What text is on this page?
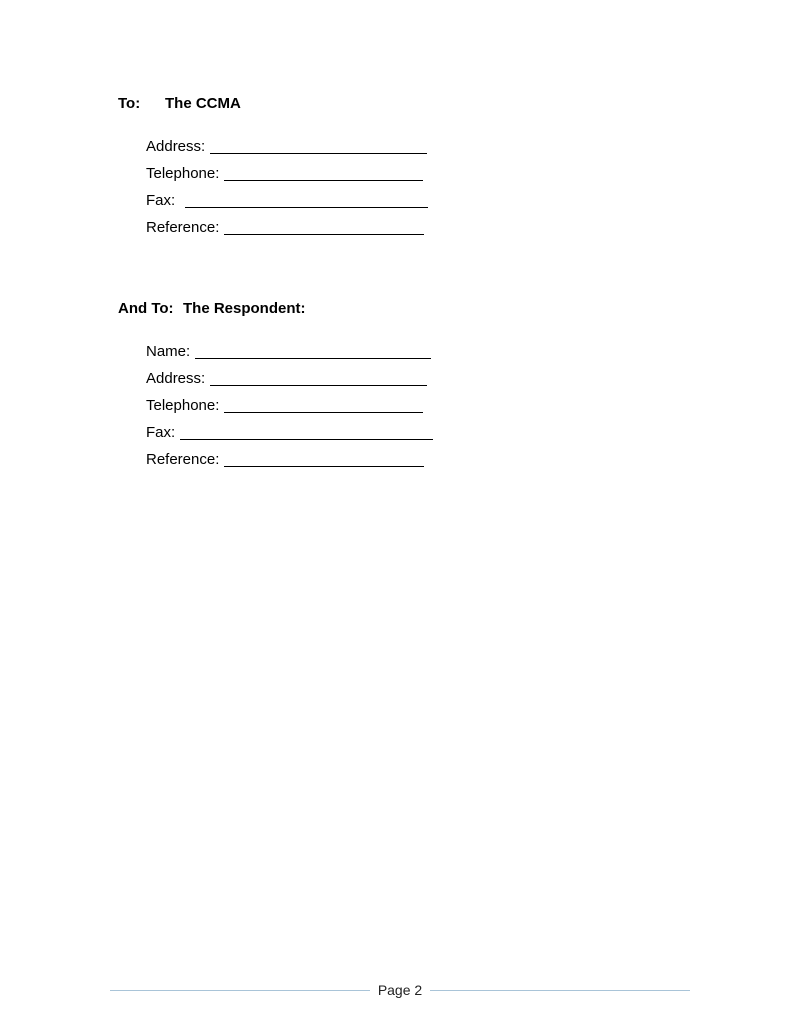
To: The CCMA
Address:
Telephone:
Fax:
Reference:
And To: The Respondent:
Name:
Address:
Telephone:
Fax:
Reference:
Page 2
